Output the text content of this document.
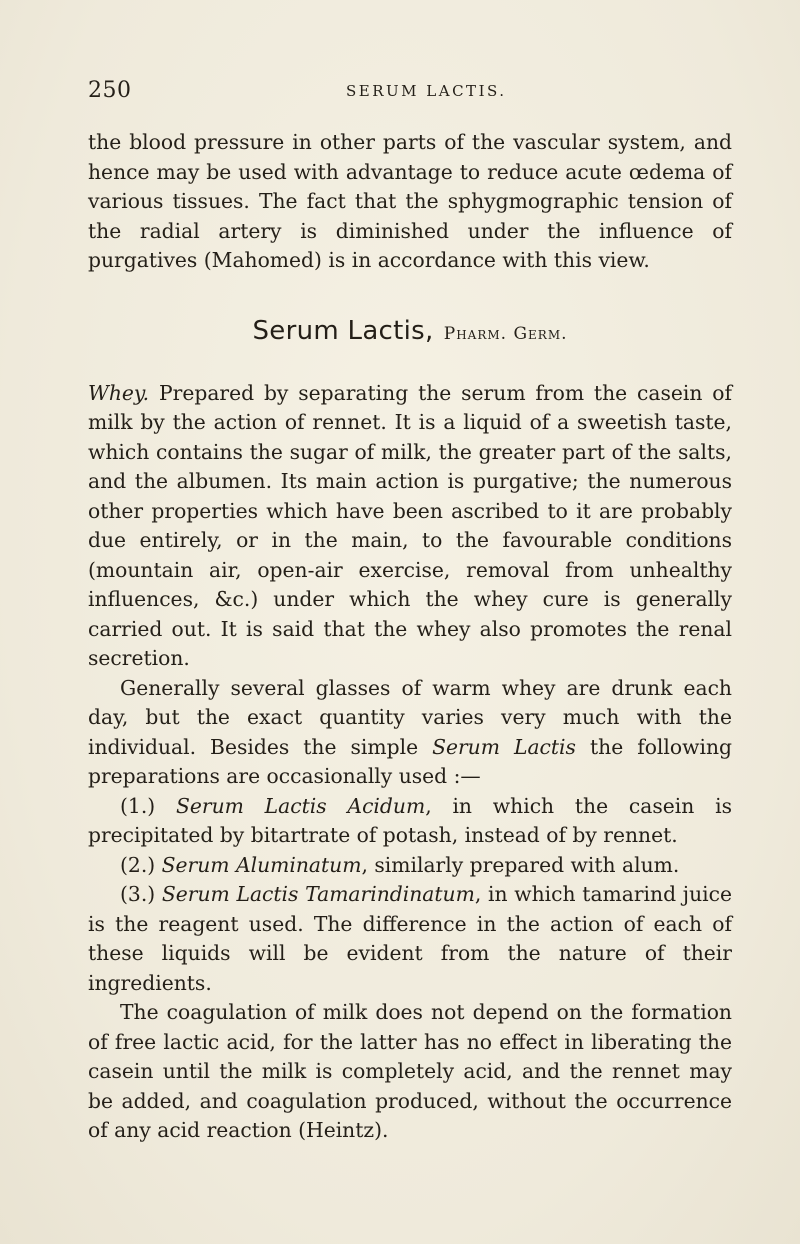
250	SERUM LACTIS.

the blood pressure in other parts of the vascular system, and hence may be used with advantage to reduce acute œdema of various tissues. The fact that the sphygmographic tension of the radial artery is diminished under the influence of purgatives (Mahomed) is in accordance with this view.

Serum Lactis, Pharm. Germ.

Whey. Prepared by separating the serum from the casein of milk by the action of rennet. It is a liquid of a sweetish taste, which contains the sugar of milk, the greater part of the salts, and the albumen. Its main action is purgative; the numerous other properties which have been ascribed to it are probably due entirely, or in the main, to the favourable conditions (mountain air, open-air exercise, removal from unhealthy influences, &c.) under which the whey cure is generally carried out. It is said that the whey also promotes the renal secretion.

Generally several glasses of warm whey are drunk each day, but the exact quantity varies very much with the individual. Besides the simple Serum Lactis the following preparations are occasionally used :—

(1.) Serum Lactis Acidum, in which the casein is precipitated by bitartrate of potash, instead of by rennet.

(2.) Serum Aluminatum, similarly prepared with alum.

(3.) Serum Lactis Tamarindinatum, in which tamarind juice is the reagent used. The difference in the action of each of these liquids will be evident from the nature of their ingredients.

The coagulation of milk does not depend on the formation of free lactic acid, for the latter has no effect in liberating the casein until the milk is completely acid, and the rennet may be added, and coagulation produced, without the occurrence of any acid reaction (Heintz).
